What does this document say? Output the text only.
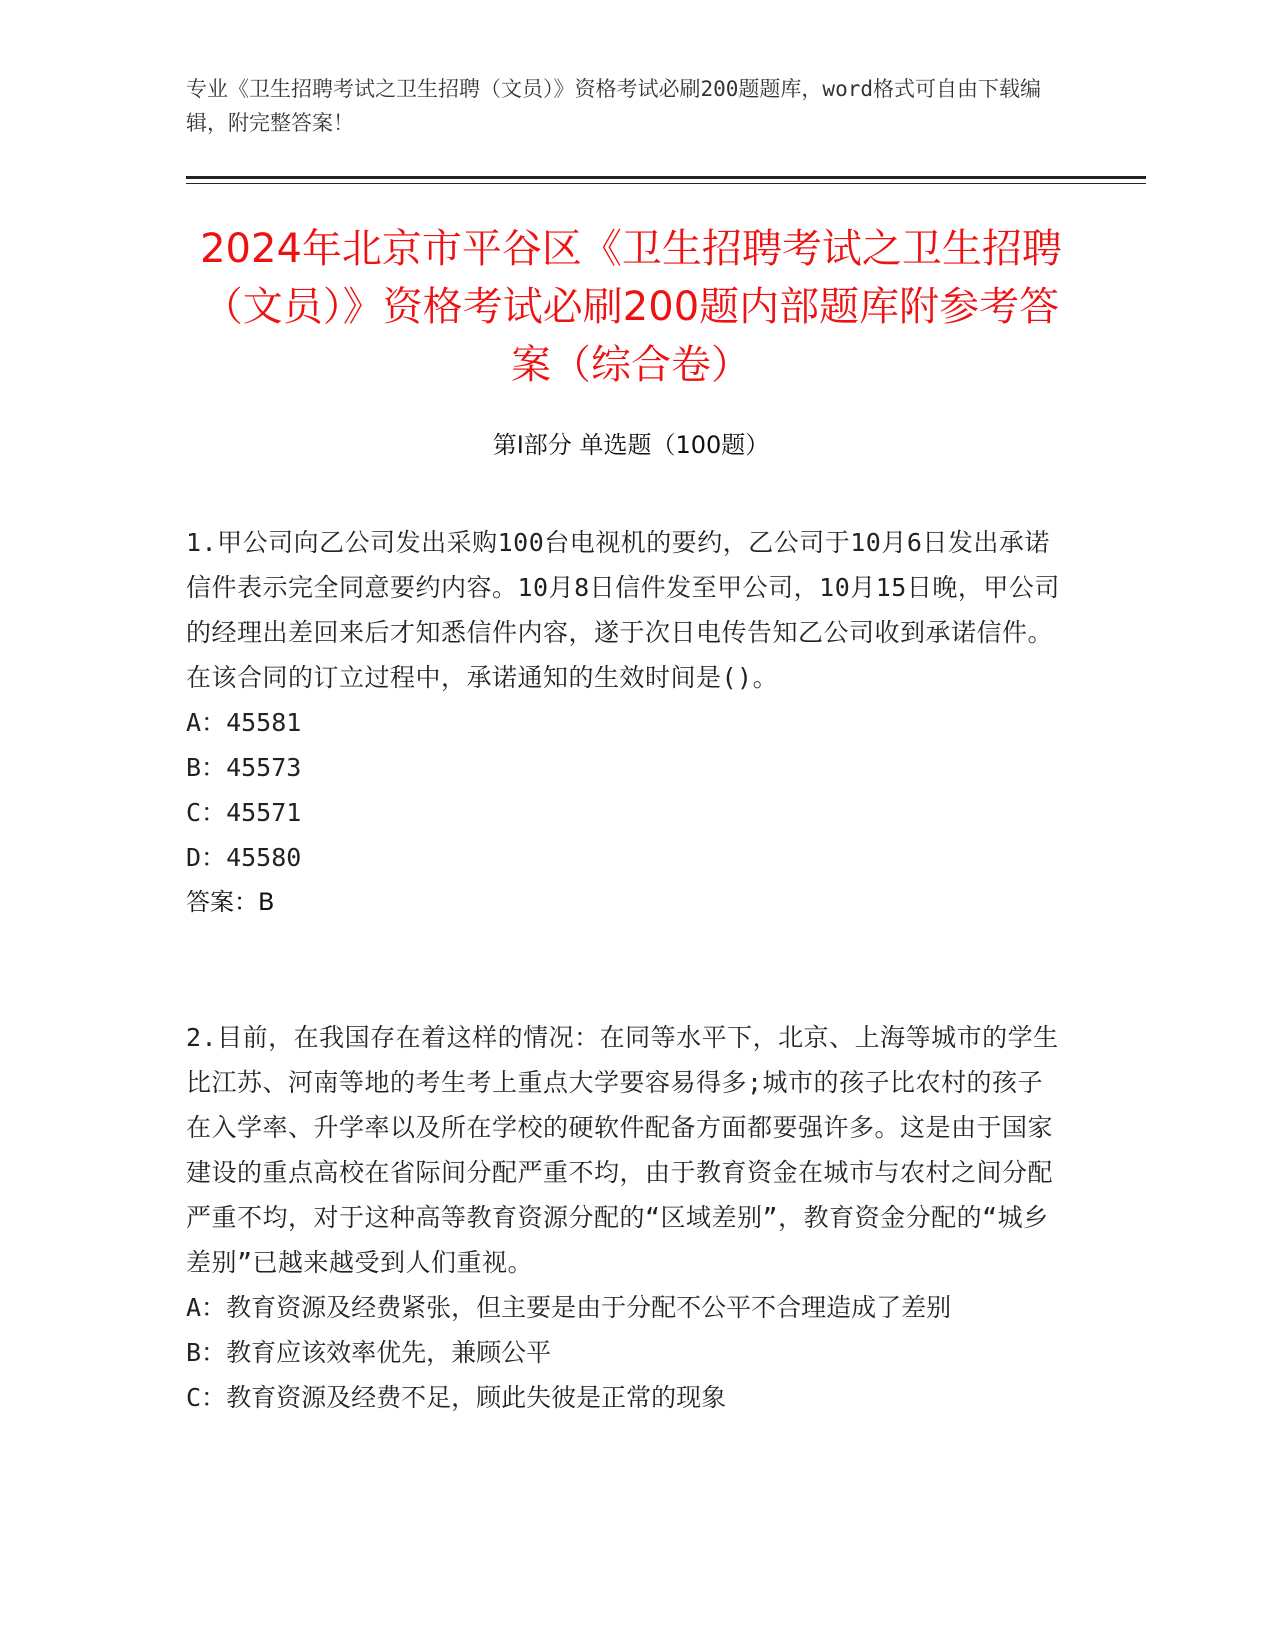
专业《卫生招聘考试之卫生招聘（文员）》资格考试必刷200题题库，word格式可自由下载编辑，附完整答案！
2024年北京市平谷区《卫生招聘考试之卫生招聘（文员）》资格考试必刷200题内部题库附参考答案（综合卷）
第Ⅰ部分 单选题（100题）

1.甲公司向乙公司发出采购100台电视机的要约，乙公司于10月6日发出承诺信件表示完全同意要约内容。10月8日信件发至甲公司，10月15日晚，甲公司的经理出差回来后才知悉信件内容，遂于次日电传告知乙公司收到承诺信件。在该合同的订立过程中，承诺通知的生效时间是()。

A：45581

B：45573

C：45571

D：45580

答案：B

2.目前，在我国存在着这样的情况：在同等水平下，北京、上海等城市的学生比江苏、河南等地的考生考上重点大学要容易得多;城市的孩子比农村的孩子在入学率、升学率以及所在学校的硬软件配备方面都要强许多。这是由于国家建设的重点高校在省际间分配严重不均，由于教育资金在城市与农村之间分配严重不均，对于这种高等教育资源分配的“区域差别”，教育资金分配的“城乡差别”已越来越受到人们重视。

A：教育资源及经费紧张，但主要是由于分配不公平不合理造成了差别

B：教育应该效率优先，兼顾公平

C：教育资源及经费不足，顾此失彼是正常的现象
